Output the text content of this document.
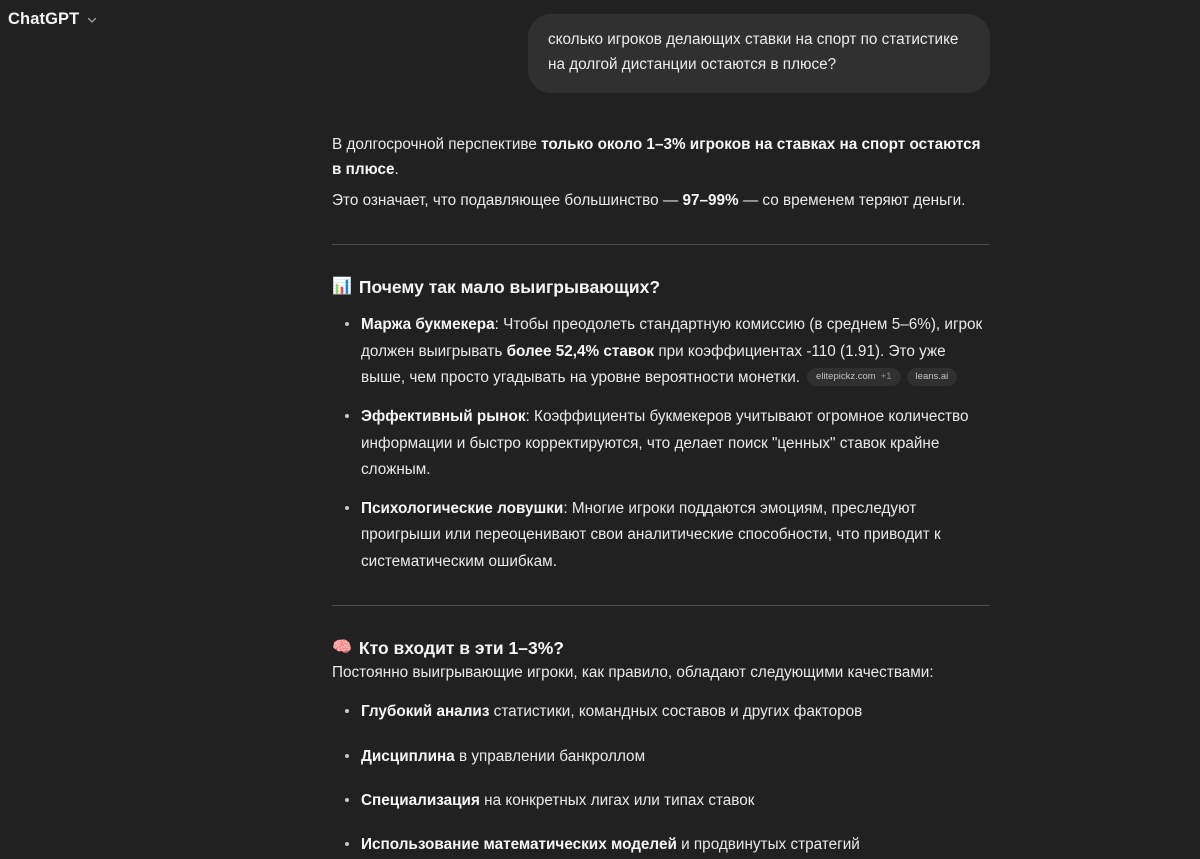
ChatGPT
сколько игроков делающих ставки на спорт по статистике на долгой дистанции остаются в плюсе?

В долгосрочной перспективе только около 1–3% игроков на ставках на спорт остаются в плюсе.
Это означает, что подавляющее большинство — 97–99% — со временем теряют деньги.

📊 Почему так мало выигрывающих?
Маржа букмекера: Чтобы преодолеть стандартную комиссию (в среднем 5–6%), игрок должен выигрывать более 52,4% ставок при коэффициентах -110 (1.91). Это уже выше, чем просто угадывать на уровне вероятности монетки. elitepickz.com +1	leans.ai
Эффективный рынок: Коэффициенты букмекеров учитывают огромное количество информации и быстро корректируются, что делает поиск "ценных" ставок крайне сложным.
Психологические ловушки: Многие игроки поддаются эмоциям, преследуют проигрыши или переоценивают свои аналитические способности, что приводит к систематическим ошибкам.
🧠 Кто входит в эти 1–3%?

Постоянно выигрывающие игроки, как правило, обладают следующими качествами:

Глубокий анализ статистики, командных составов и других факторов
Дисциплина в управлении банкроллом
Специализация на конкретных лигах или типах ставок
Использование математических моделей и продвинутых стратегий
